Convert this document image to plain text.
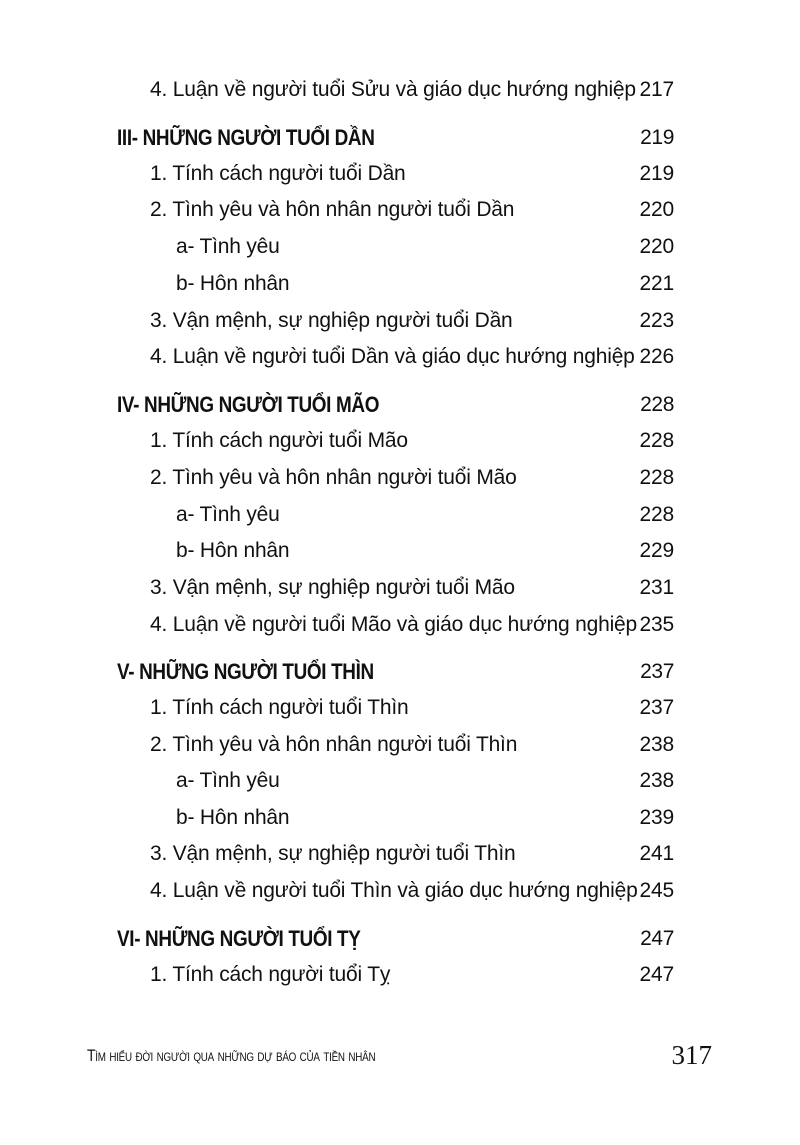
4. Luận về người tuổi Sửu và giáo dục hướng nghiệp 217
III- NHỮNG NGƯỜI TUỔI DẦN	219
1. Tính cách người tuổi Dần	219
2. Tình yêu và hôn nhân người tuổi Dần	220
a- Tình yêu	220
b- Hôn nhân	221
3. Vận mệnh, sự nghiệp người tuổi Dần	223
4. Luận về người tuổi Dần và giáo dục hướng nghiệp 226
IV- NHỮNG NGƯỜI TUỔI MÃO	228
1. Tính cách người tuổi Mão	228
2. Tình yêu và hôn nhân người tuổi Mão	228
a- Tình yêu	228
b- Hôn nhân	229
3. Vận mệnh, sự nghiệp người tuổi Mão	231
4. Luận về người tuổi Mão và giáo dục hướng nghiệp 235
V- NHỮNG NGƯỜI TUỔI THÌN	237
1. Tính cách người tuổi Thìn	237
2. Tình yêu và hôn nhân người tuổi Thìn	238
a- Tình yêu	238
b- Hôn nhân	239
3. Vận mệnh, sự nghiệp người tuổi Thìn	241
4. Luận về người tuổi Thìn và giáo dục hướng nghiệp 245
VI- NHỮNG NGƯỜI TUỔI TỴ	247
1. Tính cách người tuổi Tỵ	247
Tìm hiểu đời người qua những dự báo của tiền nhân	317
